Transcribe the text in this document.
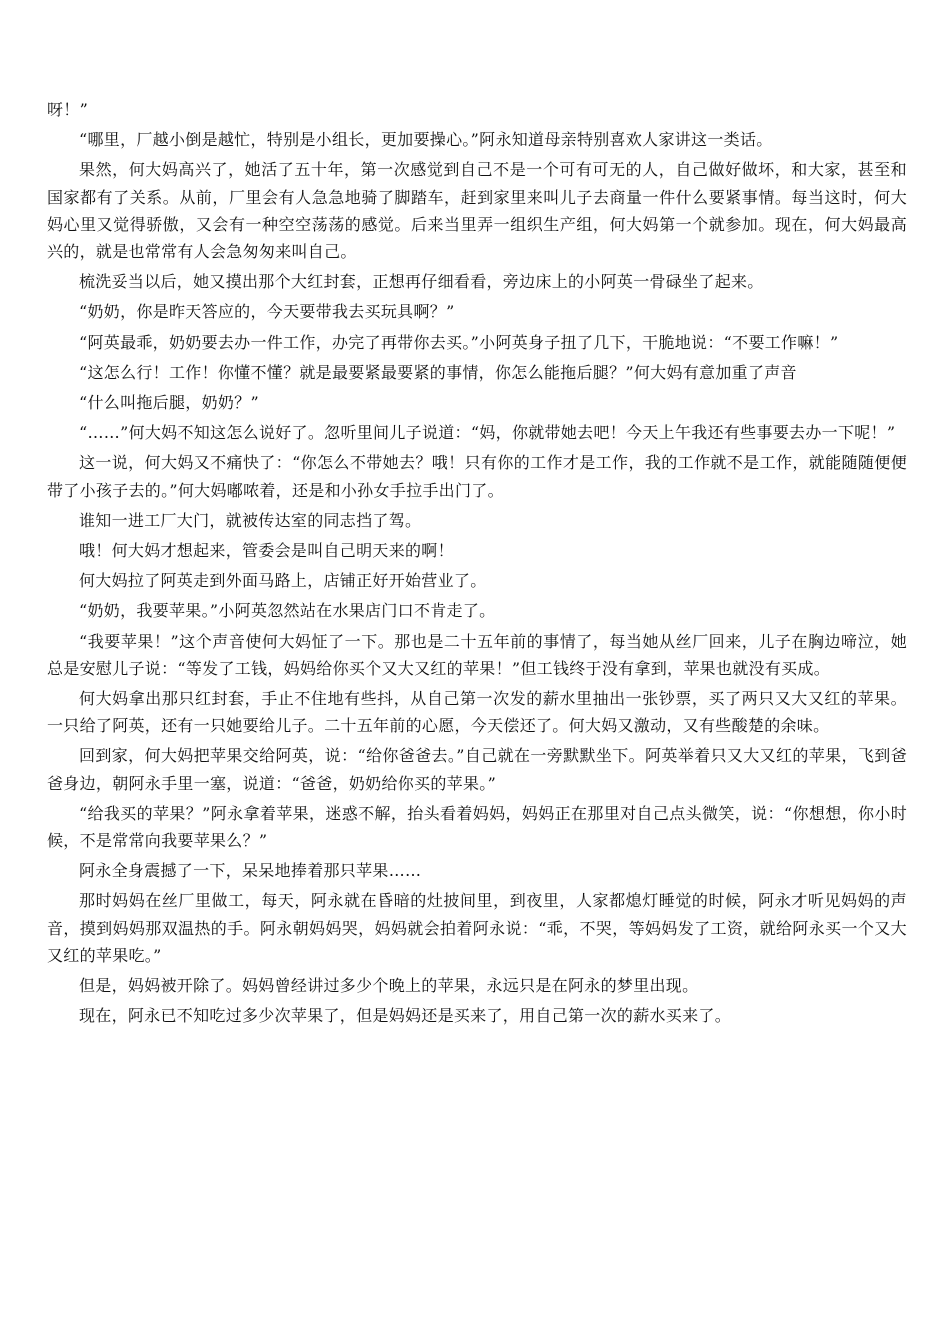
呀！”

“哪里，厂越小倒是越忙，特别是小组长，更加要操心。”阿永知道母亲特别喜欢人家讲这一类话。

果然，何大妈高兴了，她活了五十年，第一次感觉到自己不是一个可有可无的人，自己做好做坏，和大家，甚至和国家都有了关系。从前，厂里会有人急急地骑了脚踏车，赶到家里来叫儿子去商量一件什么要紧事情。每当这时，何大妈心里又觉得骄傲，又会有一种空空荡荡的感觉。后来当里弄一组织生产组，何大妈第一个就参加。现在，何大妈最高兴的，就是也常常有人会急匆匆来叫自己。

梳洗妥当以后，她又摸出那个大红封套，正想再仔细看看，旁边床上的小阿英一骨碌坐了起来。

“奶奶，你是昨天答应的，今天要带我去买玩具啊？”

“阿英最乖，奶奶要去办一件工作，办完了再带你去买。”小阿英身子扭了几下，干脆地说：“不要工作嘛！”

“这怎么行！工作！你懂不懂？就是最要紧最要紧的事情，你怎么能拖后腿？”何大妈有意加重了声音

“什么叫拖后腿，奶奶？”

“……”何大妈不知这怎么说好了。忽听里间儿子说道：“妈，你就带她去吧！今天上午我还有些事要去办一下呢！”

这一说，何大妈又不痛快了：“你怎么不带她去？哦！只有你的工作才是工作，我的工作就不是工作，就能随随便便带了小孩子去的。”何大妈嘟哝着，还是和小孙女手拉手出门了。

谁知一进工厂大门，就被传达室的同志挡了驾。

哦！何大妈才想起来，管委会是叫自己明天来的啊！

何大妈拉了阿英走到外面马路上，店铺正好开始营业了。

“奶奶，我要苹果。”小阿英忽然站在水果店门口不肯走了。

“我要苹果！”这个声音使何大妈怔了一下。那也是二十五年前的事情了，每当她从丝厂回来，儿子在胸边啼泣，她总是安慰儿子说：“等发了工钱，妈妈给你买个又大又红的苹果！”但工钱终于没有拿到，苹果也就没有买成。

何大妈拿出那只红封套，手止不住地有些抖，从自己第一次发的薪水里抽出一张钞票，买了两只又大又红的苹果。一只给了阿英，还有一只她要给儿子。二十五年前的心愿，今天偿还了。何大妈又激动，又有些酸楚的余味。

回到家，何大妈把苹果交给阿英，说：“给你爸爸去。”自己就在一旁默默坐下。阿英举着只又大又红的苹果，飞到爸爸身边，朝阿永手里一塞，说道：“爸爸，奶奶给你买的苹果。”

“给我买的苹果？”阿永拿着苹果，迷惑不解，抬头看着妈妈，妈妈正在那里对自己点头微笑，说：“你想想，你小时候，不是常常向我要苹果么？”

阿永全身震撼了一下，呆呆地捧着那只苹果……

那时妈妈在丝厂里做工，每天，阿永就在昏暗的灶披间里，到夜里，人家都熄灯睡觉的时候，阿永才听见妈妈的声音，摸到妈妈那双温热的手。阿永朝妈妈哭，妈妈就会拍着阿永说：“乖，不哭，等妈妈发了工资，就给阿永买一个又大又红的苹果吃。”

但是，妈妈被开除了。妈妈曾经讲过多少个晚上的苹果，永远只是在阿永的梦里出现。

现在，阿永已不知吃过多少次苹果了，但是妈妈还是买来了，用自己第一次的薪水买来了。
